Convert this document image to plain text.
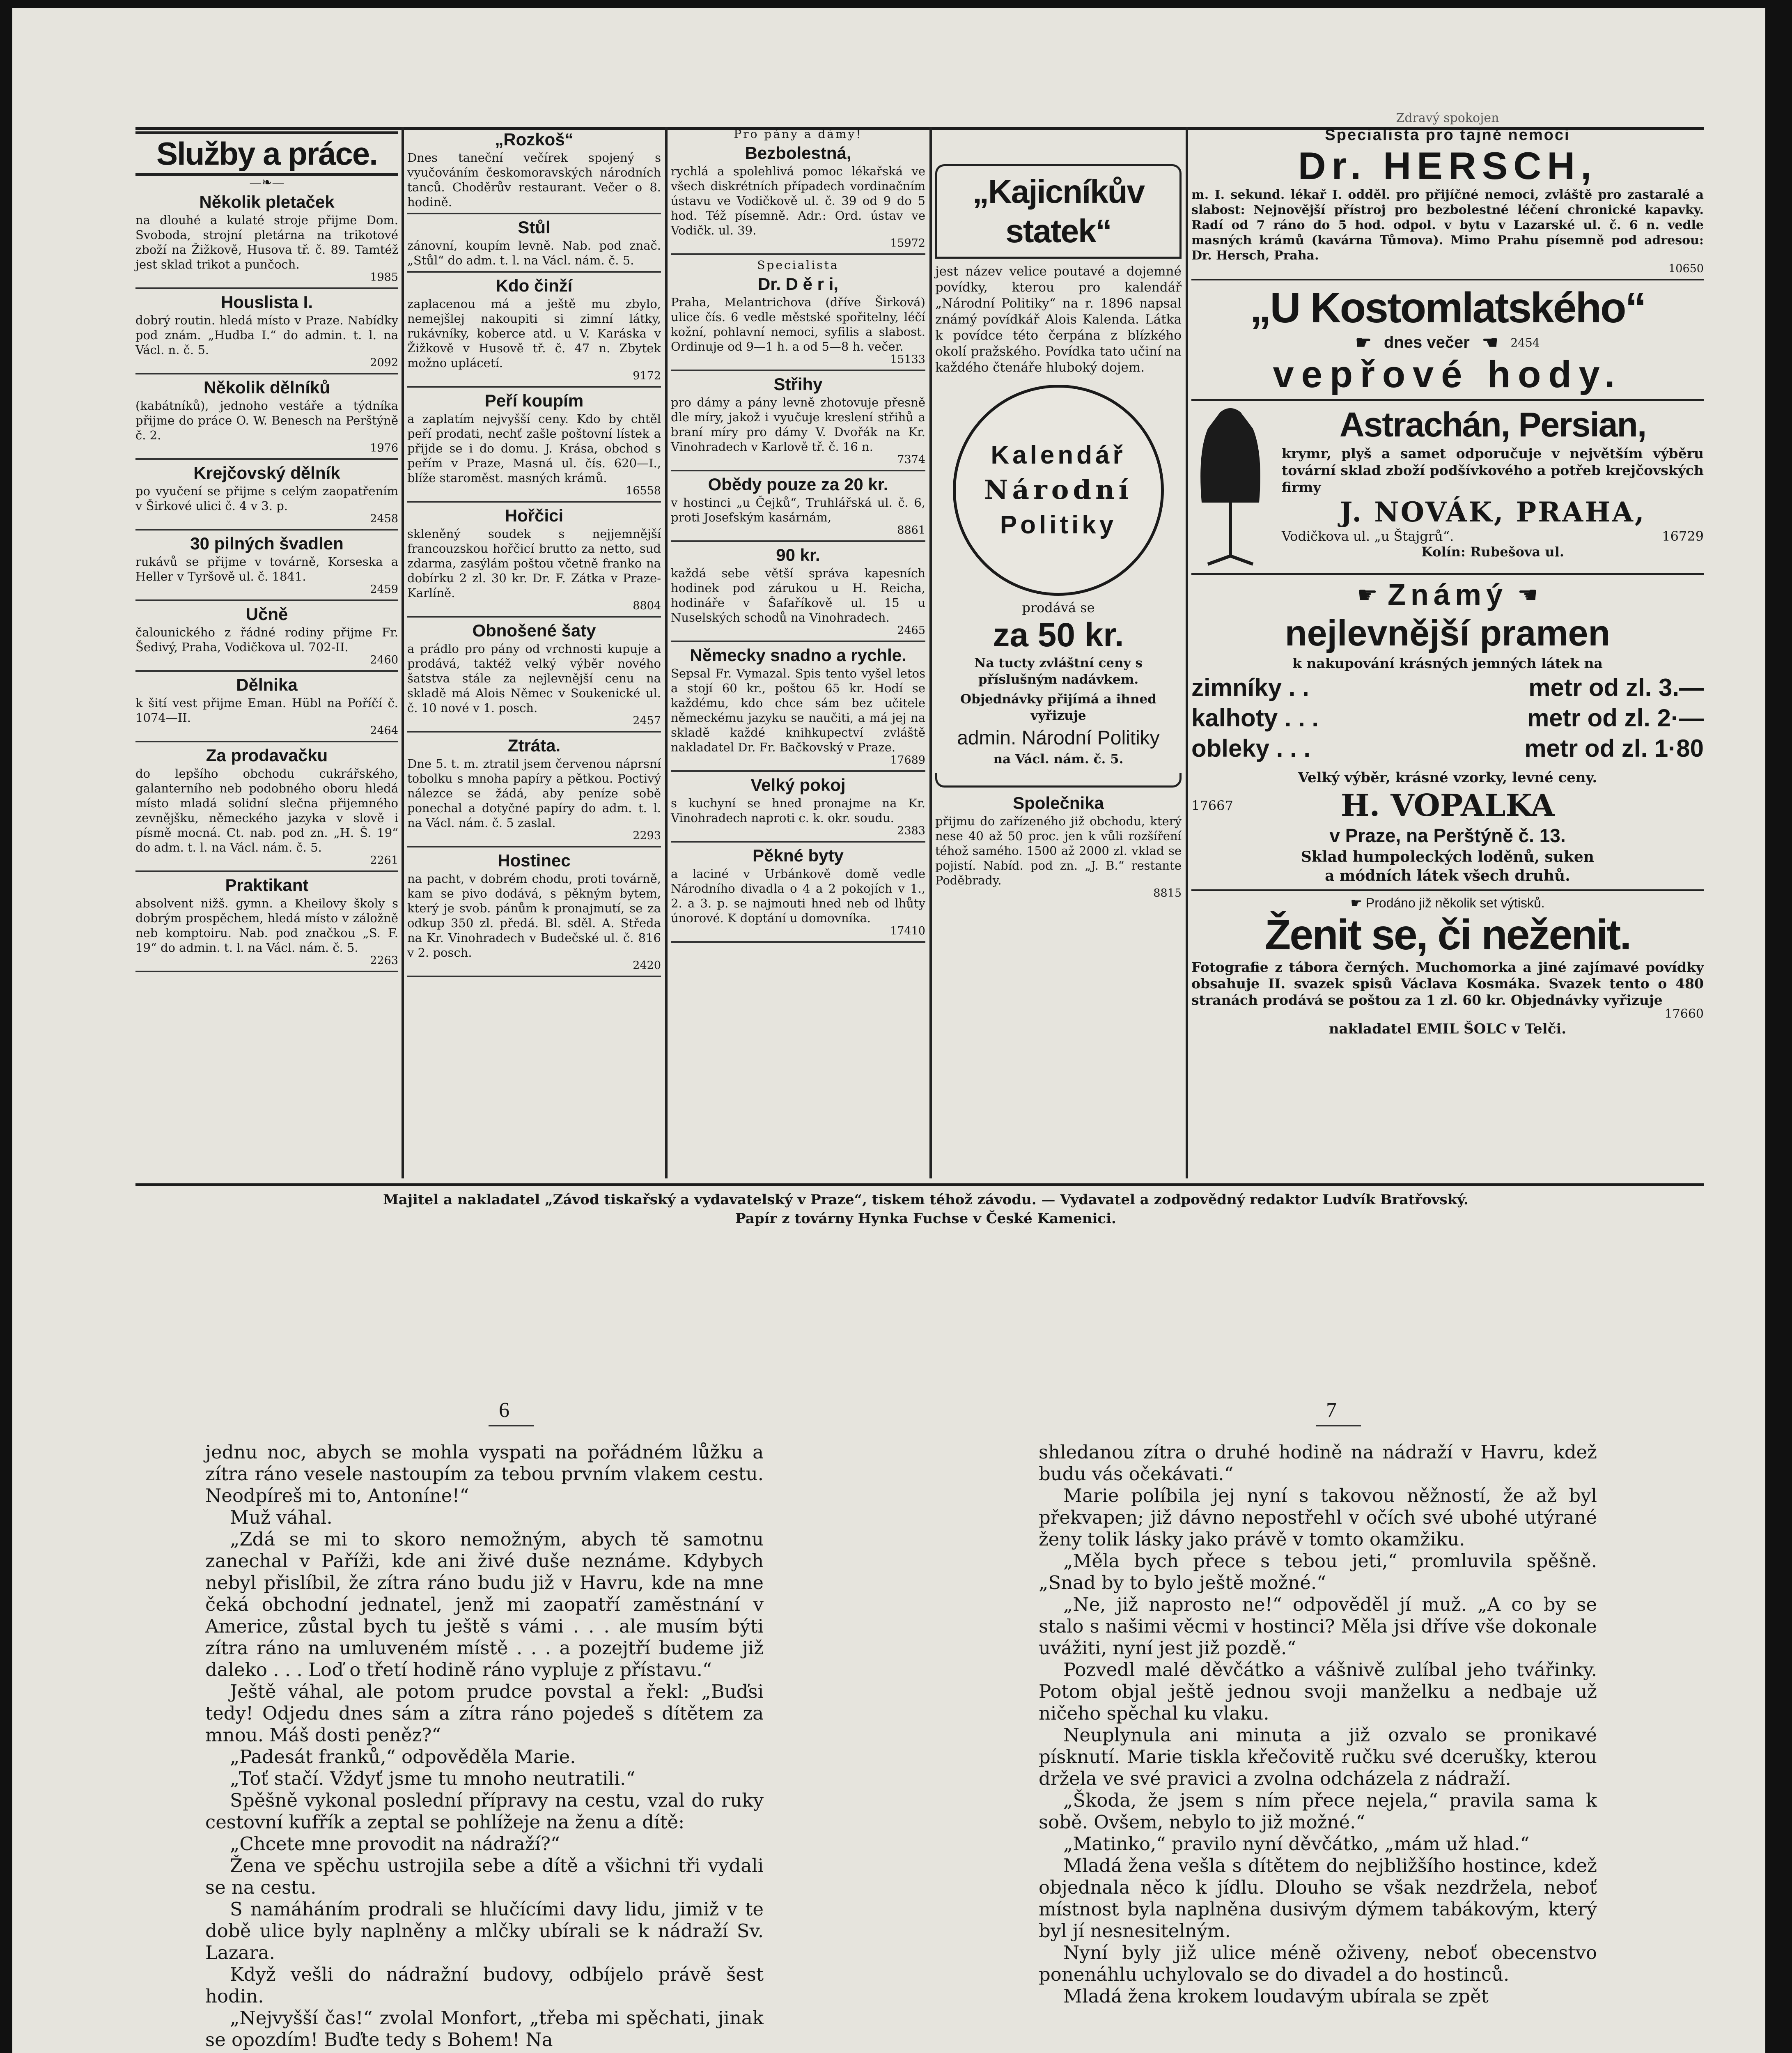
Služby a práce.
—❧—
Několik pletaček
na dlouhé a kulaté stroje přijme Dom. Svoboda, strojní pletárna na trikotové zboží na Žižkově, Husova tř. č. 89. Tamtéž jest sklad trikot a punčoch.
1985
Houslista I.
dobrý routin. hledá místo v Praze. Nabídky pod znám. „Hudba I.“ do admin. t. l. na Václ. n. č. 5.
2092
Několik dělníků
(kabátníků), jednoho vestáře a týdníka přijme do práce O. W. Benesch na Perštýně č. 2.
1976
Krejčovský dělník
po vyučení se přijme s celým zaopatřením v Širkové ulici č. 4 v 3. p.
2458
30 pilných švadlen
rukávů se přijme v továrně, Korseska a Heller v Tyršově ul. č. 1841.
2459
Učně
čalounického z řádné rodiny přijme Fr. Šedivý, Praha, Vodičkova ul. 702-II.
2460
Dělnika
k šití vest přijme Eman. Hübl na Poříčí č. 1074—II.
2464
Za prodavačku
do lepšího obchodu cukrářského, galanterního neb podobného oboru hledá místo mladá solidní slečna přijemného zevnějšku, německého jazyka v slově i písmě mocná. Ct. nab. pod zn. „H. Š. 19“ do adm. t. l. na Václ. nám. č. 5.
2261
Praktikant
absolvent nižš. gymn. a Kheilovy školy s dobrým prospěchem, hledá místo v záložně neb komptoiru. Nab. pod značkou „S. F. 19“ do admin. t. l. na Václ. nám. č. 5.
2263
„Rozkoš“
Dnes taneční večírek spojený s vyučováním českomoravských národních tanců. Choděrův restaurant. Večer o 8. hodině.
Stůl
zánovní, koupím levně. Nab. pod znač. „Stůl“ do adm. t. l. na Václ. nám. č. 5.
Kdo činží
zaplacenou má a ještě mu zbylo, nemejšlej nakoupiti si zimní látky, rukávníky, koberce atd. u V. Karáska v Žižkově v Husově tř. č. 47 n. Zbytek možno uplácetí.
9172
Peří koupím
a zaplatím nejvyšší ceny. Kdo by chtěl peří prodati, nechť zašle poštovní lístek a přijde se i do domu. J. Krása, obchod s peřím v Praze, Masná ul. čís. 620—I., blíže staroměst. masných krámů.
16558
Hořčici
skleněný soudek s nejjemnější francouzskou hořčicí brutto za netto, sud zdarma, zasýlám poštou včetně franko na dobírku 2 zl. 30 kr. Dr. F. Zátka v Praze-Karlíně.
8804
Obnošené šaty
a prádlo pro pány od vrchnosti kupuje a prodává, taktéž velký výběr nového šatstva stále za nejlevnější cenu na skladě má Alois Němec v Soukenické ul. č. 10 nové v 1. posch.
2457
Ztráta.
Dne 5. t. m. ztratil jsem červenou náprsní tobolku s mnoha papíry a pětkou. Poctivý nálezce se žádá, aby peníze sobě ponechal a dotyčné papíry do adm. t. l. na Václ. nám. č. 5 zaslal.
2293
Hostinec
na pacht, v dobrém chodu, proti továrně, kam se pivo dodává, s pěkným bytem, který je svob. pánům k pronajmutí, se za odkup 350 zl. předá. Bl. sděl. A. Středa na Kr. Vinohradech v Budečské ul. č. 816 v 2. posch.
2420
Pro pány a dámy!
Bezbolestná,
rychlá a spolehlivá pomoc lékařská ve všech diskrétních případech vordinačním ústavu ve Vodičkově ul. č. 39 od 9 do 5 hod. Též písemně. Adr.: Ord. ústav ve Vodičk. ul. 39.
15972
Specialista
Dr. D ě r i,
Praha, Melantrichova (dříve Širková) ulice čís. 6 vedle městské spořitelny, léčí kožní, pohlavní nemoci, syfilis a slabost. Ordinuje od 9—1 h. a od 5—8 h. večer.
15133
Střihy
pro dámy a pány levně zhotovuje přesně dle míry, jakož i vyučuje kreslení střihů a braní míry pro dámy V. Dvořák na Kr. Vinohradech v Karlově tř. č. 16 n.
7374
Obědy pouze za 20 kr.
v hostinci „u Čejků“, Truhlářská ul. č. 6, proti Josefským kasárnám,
8861
90 kr.
každá sebe větší správa kapesních hodinek pod zárukou u H. Reicha, hodináře v Šafaříkově ul. 15 u Nuselských schodů na Vinohradech.
2465
Německy snadno a rychle.
Sepsal Fr. Vymazal. Spis tento vyšel letos a stojí 60 kr., poštou 65 kr. Hodí se každému, kdo chce sám bez učitele německému jazyku se naučiti, a má jej na skladě každé knihkupectví zvláště nakladatel Dr. Fr. Bačkovský v Praze.
17689
Velký pokoj
s kuchyní se hned pronajme na Kr. Vinohradech naproti c. k. okr. soudu.
2383
Pěkné byty
a laciné v Urbánkově domě vedle Národního divadla o 4 a 2 pokojích v 1., 2. a 3. p. se najmouti hned neb od lhůty únorové. K doptání u domovníka.
17410
„Kajicníkův statek“
jest název velice poutavé a dojemné povídky, kterou pro kalendář „Národní Politiky“ na r. 1896 napsal známý povídkář Alois Kalenda. Látka k povídce této čerpána z blízkého okolí pražského. Povídka tato učiní na každého čtenáře hluboký dojem.
Kalendář
Národní
Politiky
prodává se
za 50 kr.
Na tucty zvláštní ceny s příslušným nadávkem.
Objednávky přijímá a ihned vyřizuje
admin. Národní Politiky
na Václ. nám. č. 5.
Společnika
přijmu do zařízeného již obchodu, který nese 40 až 50 proc. jen k vůli rozšíření téhož samého. 1500 až 2000 zl. vklad se pojistí. Nabíd. pod zn. „J. B.“ restante Poděbrady.
8815
Zdravý spokojen
Specialista pro tajné nemoci
Dr. HERSCH,
m. I. sekund. lékař I. odděl. pro přijíčné nemoci, zvláště pro zastaralé a slabost: Nejnovější přístroj pro bezbolestné léčení chronické kapavky. Radí od 7 ráno do 5 hod. odpol. v bytu v Lazarské ul. č. 6 n. vedle masných krámů (kavárna Tůmova). Mimo Prahu písemně pod adresou: Dr. Hersch, Praha.
10650
„U Kostomlatského“
☛ dnes večer ☚ 2454
vepřové hody.
Astrachán, Persian,
krymr, plyš a samet odporučuje v největším výběru tovární sklad zboží podšívkového a potřeb krejčovských firmy
J. NOVÁK, PRAHA,
Vodičkova ul. „u Štajgrů“.	16729
Kolín: Rubešova ul.
☛ Známý ☚
nejlevnější pramen
k nakupování krásných jemných látek na
zimníky . .	metr od zl. 3.—
kalhoty . . .	metr od zl. 2·—
obleky . . .	metr od zl. 1·80
Velký výběr, krásné vzorky, levné ceny.
17667	H. VOPALKA
v Praze, na Perštýně č. 13.
Sklad humpoleckých loděnů, suken
a módních látek všech druhů.
☛ Prodáno již několik set výtisků.
Ženit se, či neženit.
Fotografie z tábora černých. Muchomorka a jiné zajímavé povídky obsahuje II. svazek spisů Václava Kosmáka. Svazek tento o 480 stranách prodává se poštou za 1 zl. 60 kr. Objednávky vyřizuje
17660
nakladatel EMIL ŠOLC v Telči.
Majitel a nakladatel „Závod tiskařský a vydavatelský v Praze“, tiskem téhož závodu. — Vydavatel a zodpovědný redaktor Ludvík Bratřovský.
Papír z továrny Hynka Fuchse v České Kamenici.
6

jednu noc, abych se mohla vyspati na pořádném lůžku a zítra ráno vesele nastoupím za tebou prvním vlakem cestu. Neodpíreš mi to, Antoníne!“

Muž váhal.

„Zdá se mi to skoro nemožným, abych tě samotnu zanechal v Paříži, kde ani živé duše neznáme. Kdybych nebyl přislíbil, že zítra ráno budu již v Havru, kde na mne čeká obchodní jednatel, jenž mi zaopatří zaměstnání v Americe, zůstal bych tu ještě s vámi . . . ale musím býti zítra ráno na umluveném místě . . . a pozejtří budeme již daleko . . . Loď o třetí hodině ráno vypluje z přístavu.“

Ještě váhal, ale potom prudce povstal a řekl: „Buďsi tedy! Odjedu dnes sám a zítra ráno pojedeš s dítětem za mnou. Máš dosti peněz?“

„Padesát franků,“ odpověděla Marie.

„Toť stačí. Vždyť jsme tu mnoho neutratili.“

Spěšně vykonal poslední přípravy na cestu, vzal do ruky cestovní kufřík a zeptal se pohlížeje na ženu a dítě:

„Chcete mne provodit na nádraží?“

Žena ve spěchu ustrojila sebe a dítě a všichni tři vydali se na cestu.

S namáháním prodrali se hlučícími davy lidu, jimiž v te době ulice byly naplněny a mlčky ubírali se k nádraží Sv. Lazara.

Když vešli do nádražní budovy, odbíjelo právě šest hodin.

„Nejvyšší čas!“ zvolal Monfort, „třeba mi spěchati, jinak se opozdím! Buďte tedy s Bohem! Na

7

shledanou zítra o druhé hodině na nádraží v Havru, kdež budu vás očekávati.“

Marie políbila jej nyní s takovou něžností, že až byl překvapen; již dávno nepostřehl v očích své ubohé utýrané ženy tolik lásky jako právě v tomto okamžiku.

„Měla bych přece s tebou jeti,“ promluvila spěšně. „Snad by to bylo ještě možné.“

„Ne, již naprosto ne!“ odpověděl jí muž. „A co by se stalo s našimi věcmi v hostinci? Měla jsi dříve vše dokonale uvážiti, nyní jest již pozdě.“

Pozvedl malé děvčátko a vášnivě zulíbal jeho tvářinky. Potom objal ještě jednou svoji manželku a nedbaje už ničeho spěchal ku vlaku.

Neuplynula ani minuta a již ozvalo se pronikavé písknutí. Marie tiskla křečovitě ručku své dcerušky, kterou držela ve své pravici a zvolna odcházela z nádraží.

„Škoda, že jsem s ním přece nejela,“ pravila sama k sobě. Ovšem, nebylo to již možné.“

„Matinko,“ pravilo nyní děvčátko, „mám už hlad.“

Mladá žena vešla s dítětem do nejbližšího hostince, kdež objednala něco k jídlu. Dlouho se však nezdržela, neboť místnost byla naplněna dusivým dýmem tabákovým, který byl jí nesnesitelným.

Nyní byly již ulice méně oživeny, neboť obecenstvo ponenáhlu uchylovalo se do divadel a do hostinců.

Mladá žena krokem loudavým ubírala se zpět
